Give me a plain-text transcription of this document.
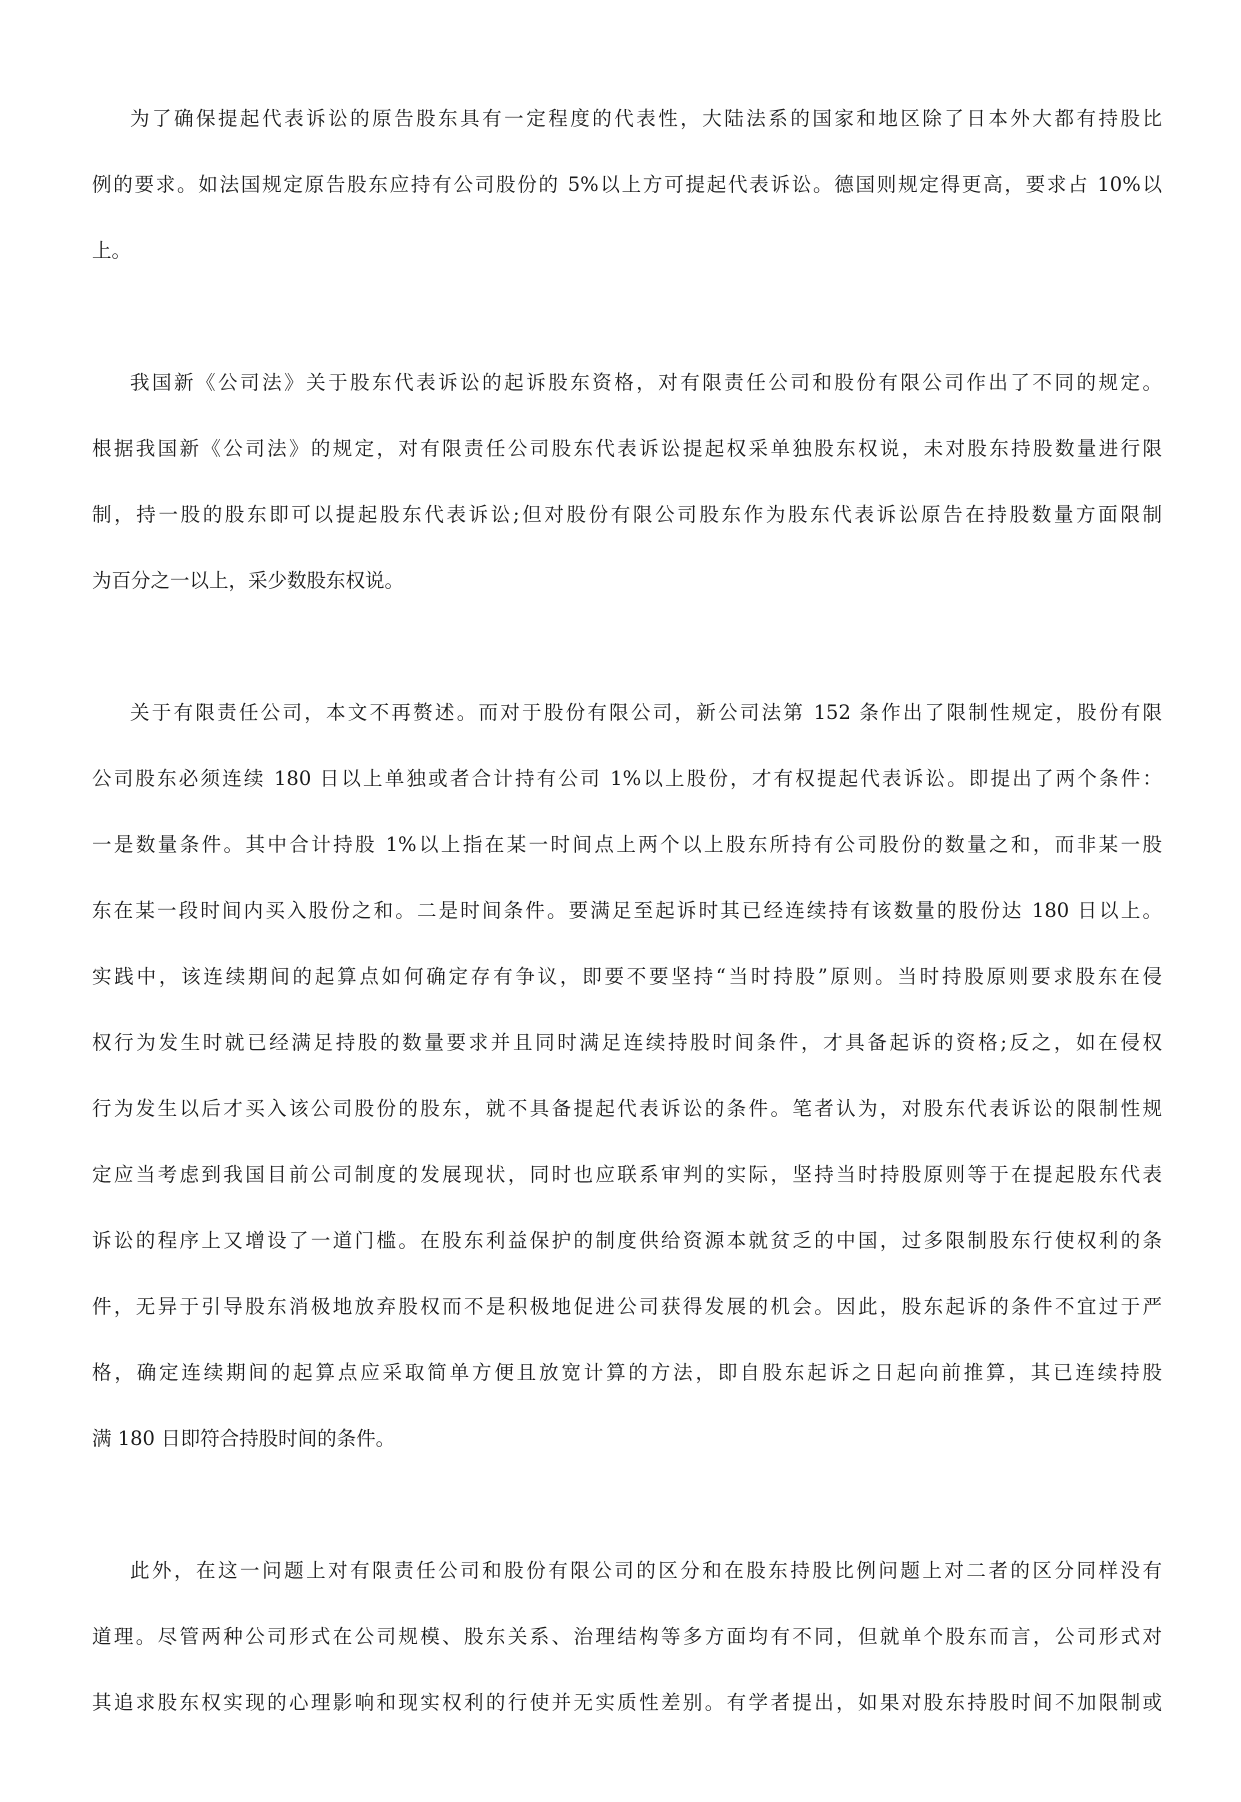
为了确保提起代表诉讼的原告股东具有一定程度的代表性，大陆法系的国家和地区除了日本外大都有持股比
例的要求。如法国规定原告股东应持有公司股份的 5%以上方可提起代表诉讼。德国则规定得更高，要求占 10%以
上。
我国新《公司法》关于股东代表诉讼的起诉股东资格，对有限责任公司和股份有限公司作出了不同的规定。
根据我国新《公司法》的规定，对有限责任公司股东代表诉讼提起权采单独股东权说，未对股东持股数量进行限
制，持一股的股东即可以提起股东代表诉讼;但对股份有限公司股东作为股东代表诉讼原告在持股数量方面限制
为百分之一以上，采少数股东权说。
关于有限责任公司，本文不再赘述。而对于股份有限公司，新公司法第 152 条作出了限制性规定，股份有限
公司股东必须连续 180 日以上单独或者合计持有公司 1%以上股份，才有权提起代表诉讼。即提出了两个条件：
一是数量条件。其中合计持股 1%以上指在某一时间点上两个以上股东所持有公司股份的数量之和，而非某一股
东在某一段时间内买入股份之和。二是时间条件。要满足至起诉时其已经连续持有该数量的股份达 180 日以上。
实践中，该连续期间的起算点如何确定存有争议，即要不要坚持“当时持股”原则。当时持股原则要求股东在侵
权行为发生时就已经满足持股的数量要求并且同时满足连续持股时间条件，才具备起诉的资格;反之，如在侵权
行为发生以后才买入该公司股份的股东，就不具备提起代表诉讼的条件。笔者认为，对股东代表诉讼的限制性规
定应当考虑到我国目前公司制度的发展现状，同时也应联系审判的实际，坚持当时持股原则等于在提起股东代表
诉讼的程序上又增设了一道门槛。在股东利益保护的制度供给资源本就贫乏的中国，过多限制股东行使权利的条
件，无异于引导股东消极地放弃股权而不是积极地促进公司获得发展的机会。因此，股东起诉的条件不宜过于严
格，确定连续期间的起算点应采取简单方便且放宽计算的方法，即自股东起诉之日起向前推算，其已连续持股
满 180 日即符合持股时间的条件。
此外，在这一问题上对有限责任公司和股份有限公司的区分和在股东持股比例问题上对二者的区分同样没有
道理。尽管两种公司形式在公司规模、股东关系、治理结构等多方面均有不同，但就单个股东而言，公司形式对
其追求股东权实现的心理影响和现实权利的行使并无实质性差别。有学者提出，如果对股东持股时间不加限制或
